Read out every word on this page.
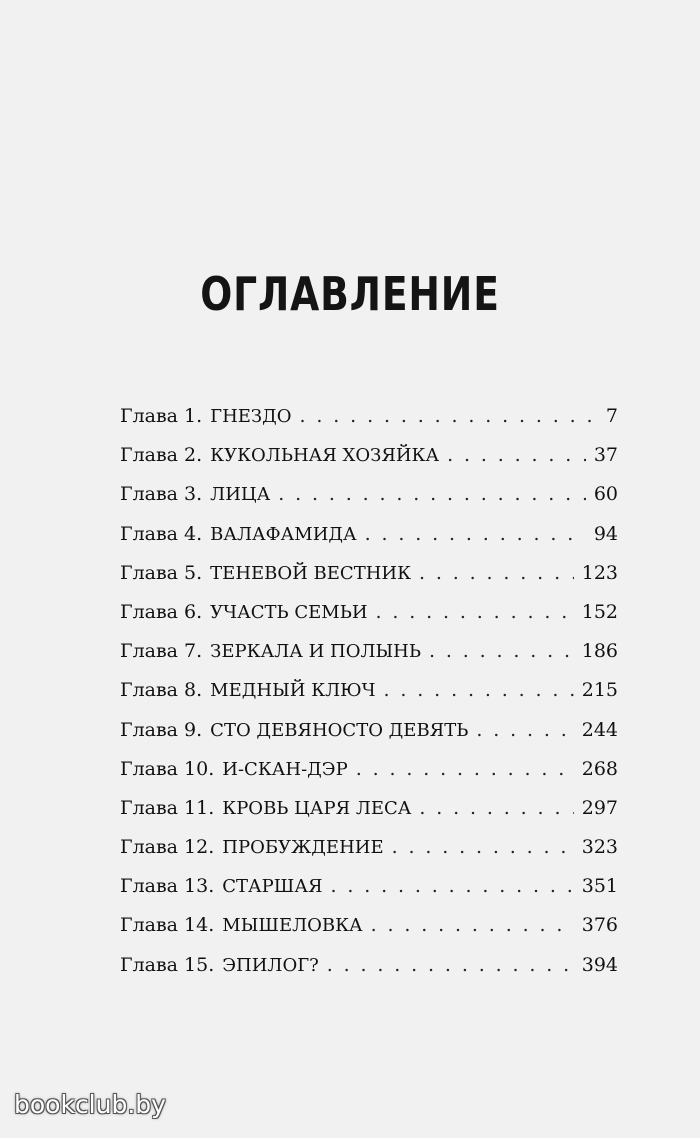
ОГЛАВЛЕНИЕ
Глава 1. ГНЕЗДО . . .	7
Глава 2. КУКОЛЬНАЯ ХОЗЯЙКА . . .	37
Глава 3. ЛИЦА . . .	60
Глава 4. ВАЛАФАМИДА . . .	94
Глава 5. ТЕНЕВОЙ ВЕСТНИК . . .	123
Глава 6. УЧАСТЬ СЕМЬИ . . .	152
Глава 7. ЗЕРКАЛА И ПОЛЫНЬ . . .	186
Глава 8. МЕДНЫЙ КЛЮЧ . . .	215
Глава 9. СТО ДЕВЯНОСТО ДЕВЯТЬ . . .	244
Глава 10. И-СКАН-ДЭР . . .	268
Глава 11. КРОВЬ ЦАРЯ ЛЕСА . . .	297
Глава 12. ПРОБУЖДЕНИЕ . . .	323
Глава 13. СТАРШАЯ . . .	351
Глава 14. МЫШЕЛОВКА . . .	376
Глава 15. ЭПИЛОГ? . . .	394
bookclub.by
